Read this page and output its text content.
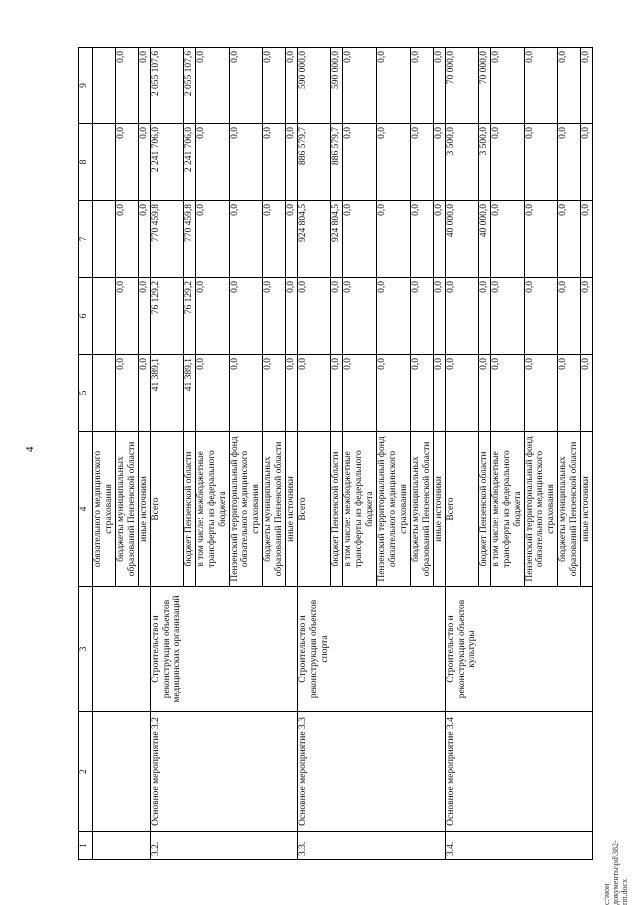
4
c:\мои документы\pd\382-пп.docx
1	2	3	4	5	6	7	8	9
			обязательного медицинского страхования					
			бюджеты муниципальных образований Пензенской области	0,0	0,0	0,0	0,0	0,0
			иные источники	0,0	0,0	0,0	0,0	0,0
3.2.	Основное мероприятие 3.2	Строительство и реконструкция объектов медицинских организаций	Всего	41 389,1	76 129,2	770 459,8	2 241 706,0	2 055 107,6
			бюджет Пензенской области	41 389,1	76 129,2	770 459,8	2 241 706,0	2 055 107,6
			в том числе: межбюджетные трансферты из федерального бюджета	0,0	0,0	0,0	0,0	0,0
			Пензенский территориальный фонд обязательного медицинского страхования	0,0	0,0	0,0	0,0	0,0
			бюджеты муниципальных образований Пензенской области	0,0	0,0	0,0	0,0	0,0
			иные источники	0,0	0,0	0,0	0,0	0,0
3.3.	Основное мероприятие 3.3	Строительство и реконструкция объектов спорта	Всего	0,0	0,0	924 804,5	886 579,7	590 000,0
			бюджет Пензенской области	0,0	0,0	924 804,5	886 579,7	590 000,0
			в том числе: межбюджетные трансферты из федерального бюджета	0,0	0,0	0,0	0,0	0,0
			Пензенский территориальный фонд обязательного медицинского страхования	0,0	0,0	0,0	0,0	0,0
			бюджеты муниципальных образований Пензенской области	0,0	0,0	0,0	0,0	0,0
			иные источники	0,0	0,0	0,0	0,0	0,0
3.4.	Основное мероприятие 3.4	Строительство и реконструкция объектов культуры	Всего	0,0	0,0	40 000,0	3 500,0	70 000,0
			бюджет Пензенской области	0,0	0,0	40 000,0	3 500,0	70 000,0
			в том числе: межбюджетные трансферты из федерального бюджета	0,0	0,0	0,0	0,0	0,0
			Пензенский территориальный фонд обязательного медицинского страхования	0,0	0,0	0,0	0,0	0,0
			бюджеты муниципальных образований Пензенской области	0,0	0,0	0,0	0,0	0,0
			иные источники	0,0	0,0	0,0	0,0	0,0
